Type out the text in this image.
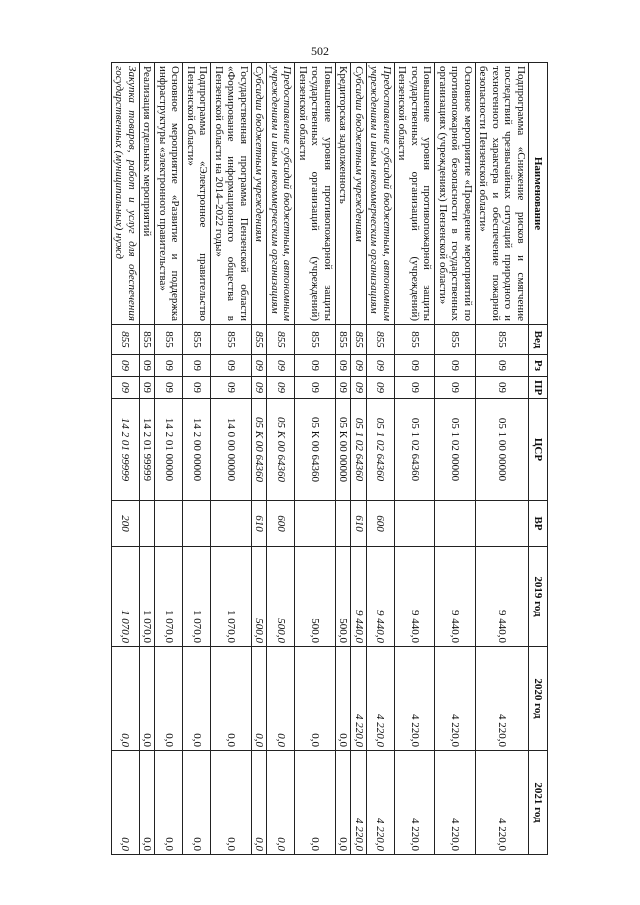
502
Наименование	Вед	Рз	ПР	ЦСР	ВР	2019 год	2020 год	2021 год
Подпрограмма «Снижение рисков и смягчение последствий чрезвычайных ситуаций природного и техногенного характера и обеспечение пожарной безопасности Пензенской области»	855	09	09	05 1 00 00000		9 440,0	4 220,0	4 220,0
Основное мероприятие «Проведение мероприятий по противопожарной безопасности в государственных организациях (учреждениях) Пензенской области»	855	09	09	05 1 02 00000		9 440,0	4 220,0	4 220,0
Повышение уровня противопожарной защиты государственных организаций (учреждений) Пензенской области	855	09	09	05 1 02 64360		9 440,0	4 220,0	4 220,0
Предоставление субсидий бюджетным, автономным учреждениям и иным некоммерческим организациям	855	09	09	05 1 02 64360	600	9 440,0	4 220,0	4 220,0
Субсидии бюджетным учреждениям	855	09	09	05 1 02 64360	610	9 440,0	4 220,0	4 220,0
Кредиторская задолженность	855	09	09	05 К 00 00000		500,0	0,0	0,0
Повышение уровня противопожарной защиты государственных организаций (учреждений) Пензенской области	855	09	09	05 К 00 64360		500,0	0,0	0,0
Предоставление субсидий бюджетным, автономным учреждениям и иным некоммерческим организациям	855	09	09	05 К 00 64360	600	500,0	0,0	0,0
Субсидии бюджетным учреждениям	855	09	09	05 К 00 64360	610	500,0	0,0	0,0
Государственная программа Пензенской области «Формирование информационного общества в Пензенской области на 2014–2022 годы»	855	09	09	14 0 00 00000		1 070,0	0,0	0,0
Подпрограмма «Электронное правительство Пензенской области»	855	09	09	14 2 00 00000		1 070,0	0,0	0,0
Основное мероприятие «Развитие и поддержка инфраструктуры «электронного правительства»	855	09	09	14 2 01 00000		1 070,0	0,0	0,0
Реализация отдельных мероприятий	855	09	09	14 2 01 99999		1 070,0	0,0	0,0
Закупка товаров, работ и услуг для обеспечения государственных (муниципальных) нужд	855	09	09	14 2 01 99999	200	1 070,0	0,0	0,0
